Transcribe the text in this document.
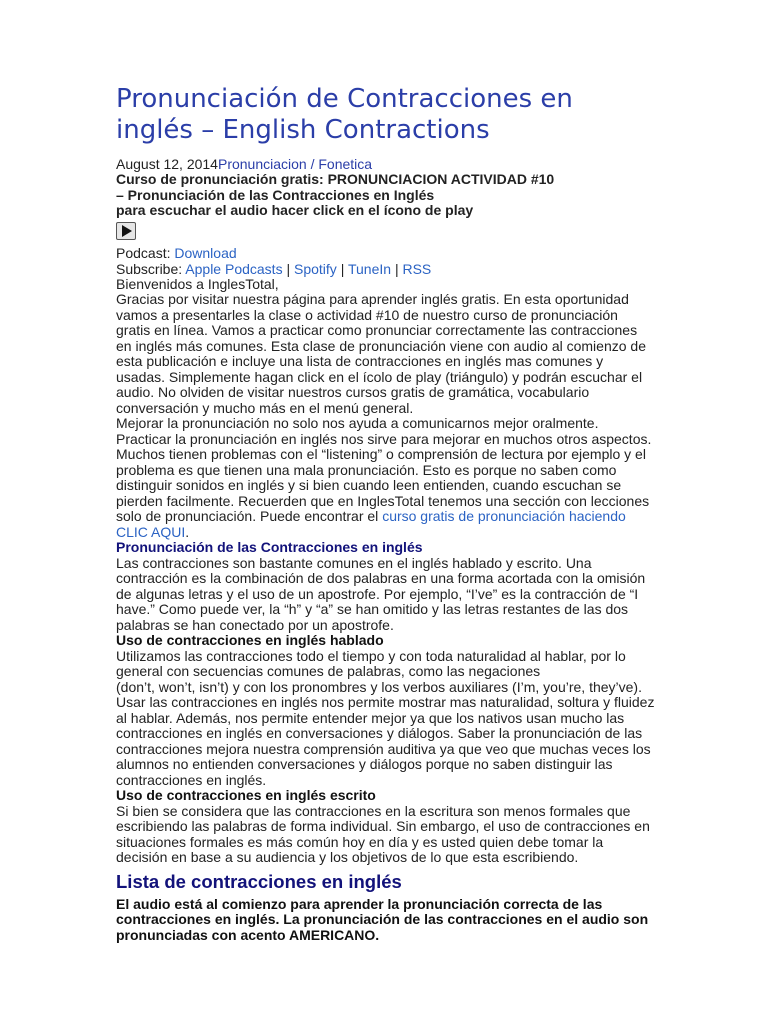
Pronunciación de Contracciones en inglés – English Contractions
August 12, 2014Pronunciacion / Fonetica
Curso de pronunciación gratis: PRONUNCIACION ACTIVIDAD #10
– Pronunciación de las Contracciones en Inglés
para escuchar el audio hacer click en el ícono de play
Podcast: Download
Subscribe: Apple Podcasts | Spotify | TuneIn | RSS

Bienvenidos a InglesTotal,

Gracias por visitar nuestra página para aprender inglés gratis. En esta oportunidad vamos a presentarles la clase o actividad #10 de nuestro curso de pronunciación gratis en línea. Vamos a practicar como pronunciar correctamente las contracciones en inglés más comunes. Esta clase de pronunciación viene con audio al comienzo de esta publicación e incluye una lista de contracciones en inglés mas comunes y usadas. Simplemente hagan click en el ícolo de play (triángulo) y podrán escuchar el audio. No olviden de visitar nuestros cursos gratis de gramática, vocabulario conversación y mucho más en el menú general.

Mejorar la pronunciación no solo nos ayuda a comunicarnos mejor oralmente. Practicar la pronunciación en inglés nos sirve para mejorar en muchos otros aspectos. Muchos tienen problemas con el “listening” o comprensión de lectura por ejemplo y el problema es que tienen una mala pronunciación. Esto es porque no saben como distinguir sonidos en inglés y si bien cuando leen entienden, cuando escuchan se pierden facilmente. Recuerden que en InglesTotal tenemos una sección con lecciones solo de pronunciación. Puede encontrar el curso gratis de pronunciación haciendo CLIC AQUI.

Pronunciación de las Contracciones en inglés

Las contracciones son bastante comunes en el inglés hablado y escrito. Una contracción es la combinación de dos palabras en una forma acortada con la omisión de algunas letras y el uso de un apostrofe. Por ejemplo, “I’ve” es la contracción de “I have.” Como puede ver, la “h” y “a” se han omitido y las letras restantes de las dos palabras se han conectado por un apostrofe.

Uso de contracciones en inglés hablado

Utilizamos las contracciones todo el tiempo y con toda naturalidad al hablar, por lo general con secuencias comunes de palabras, como las negaciones

(don’t, won’t, isn’t) y con los pronombres y los verbos auxiliares (I’m, you’re, they’ve). Usar las contracciones en inglés nos permite mostrar mas naturalidad, soltura y fluidez al hablar. Además, nos permite entender mejor ya que los nativos usan mucho las contracciones en inglés en conversaciones y diálogos. Saber la pronunciación de las contracciones mejora nuestra comprensión auditiva ya que veo que muchas veces los alumnos no entienden conversaciones y diálogos porque no saben distinguir las contracciones en inglés.

Uso de contracciones en inglés escrito

Si bien se considera que las contracciones en la escritura son menos formales que escribiendo las palabras de forma individual. Sin embargo, el uso de contracciones en situaciones formales es más común hoy en día y es usted quien debe tomar la decisión en base a su audiencia y los objetivos de lo que esta escribiendo.

Lista de contracciones en inglés
El audio está al comienzo para aprender la pronunciación correcta de las contracciones en inglés. La pronunciación de las contracciones en el audio son pronunciadas con acento AMERICANO.
